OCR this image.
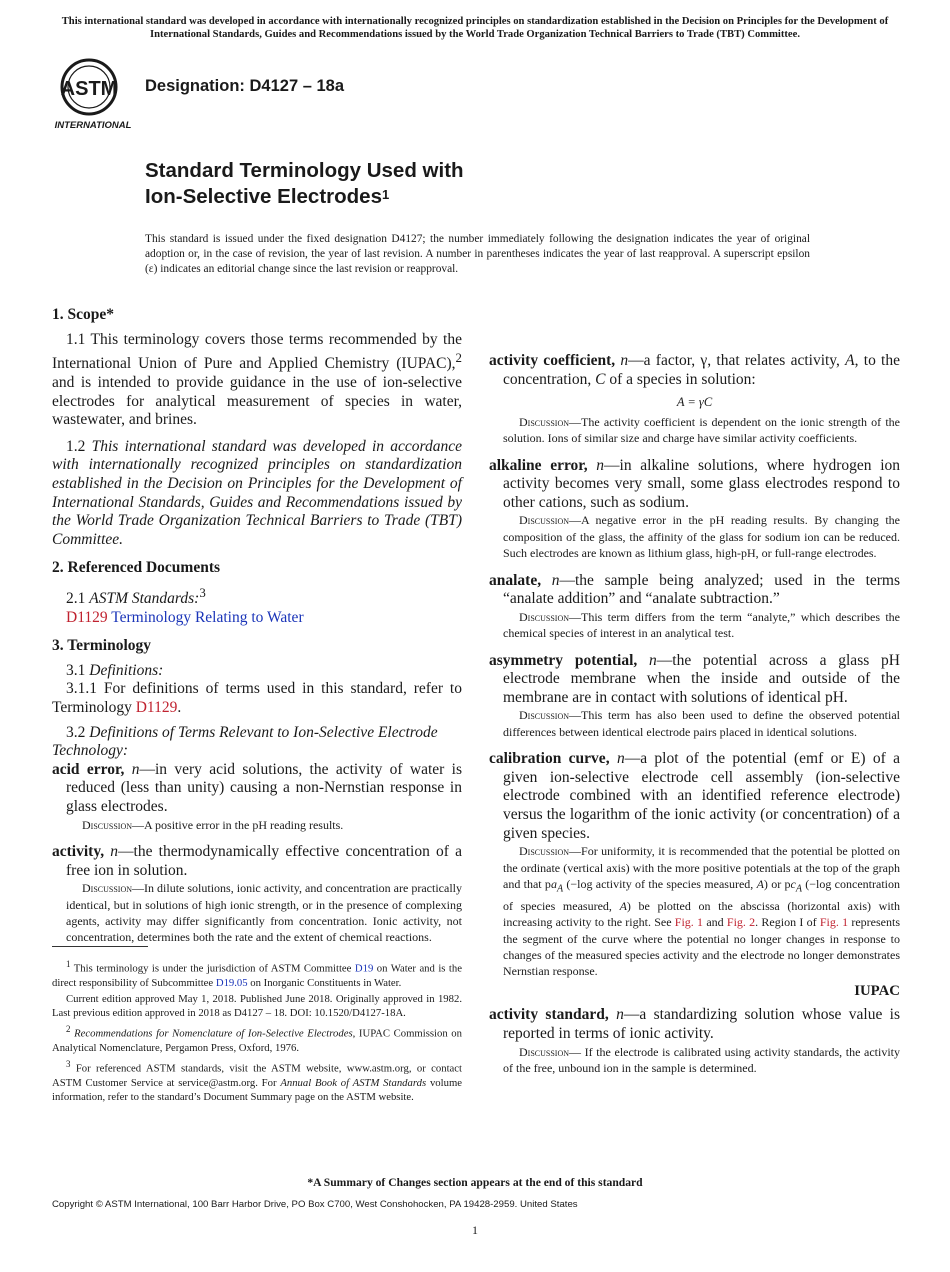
This international standard was developed in accordance with internationally recognized principles on standardization established in the Decision on Principles for the Development of International Standards, Guides and Recommendations issued by the World Trade Organization Technical Barriers to Trade (TBT) Committee.
ASTM
INTERNATIONAL
Designation: D4127 – 18a
Standard Terminology Used with
Ion-Selective Electrodes$^1$
This standard is issued under the fixed designation D4127; the number immediately following the designation indicates the year of original adoption or, in the case of revision, the year of last revision. A number in parentheses indicates the year of last reapproval. A superscript epsilon (ε) indicates an editorial change since the last revision or reapproval.

1. Scope*

1.1 This terminology covers those terms recommended by the International Union of Pure and Applied Chemistry (IUPAC),$^2$ and is intended to provide guidance in the use of ion-selective electrodes for analytical measurement of species in water, wastewater, and brines.

1.2 This international standard was developed in accordance with internationally recognized principles on standardization established in the Decision on Principles for the Development of International Standards, Guides and Recommendations issued by the World Trade Organization Technical Barriers to Trade (TBT) Committee.

2. Referenced Documents

2.1 ASTM Standards:$^3$

D1129 Terminology Relating to Water

3. Terminology

3.1 Definitions:

3.1.1 For definitions of terms used in this standard, refer to Terminology D1129.

3.2 Definitions of Terms Relevant to Ion-Selective Electrode Technology:

acid error, n—in very acid solutions, the activity of water is reduced (less than unity) causing a non-Nernstian response in glass electrodes.

Discussion—A positive error in the pH reading results.

activity, n—the thermodynamically effective concentration of a free ion in solution.

Discussion—In dilute solutions, ionic activity, and concentration are practically identical, but in solutions of high ionic strength, or in the presence of complexing agents, activity may differ significantly from concentration. Ionic activity, not concentration, determines both the rate and the extent of chemical reactions.

$^1$ This terminology is under the jurisdiction of ASTM Committee D19 on Water and is the direct responsibility of Subcommittee D19.05 on Inorganic Constituents in Water.

Current edition approved May 1, 2018. Published June 2018. Originally approved in 1982. Last previous edition approved in 2018 as D4127 – 18. DOI: 10.1520/D4127-18A.

$^2$ Recommendations for Nomenclature of Ion-Selective Electrodes, IUPAC Commission on Analytical Nomenclature, Pergamon Press, Oxford, 1976.

$^3$ For referenced ASTM standards, visit the ASTM website, www.astm.org, or contact ASTM Customer Service at service@astm.org. For Annual Book of ASTM Standards volume information, refer to the standard’s Document Summary page on the ASTM website.

activity coefficient, n—a factor, γ, that relates activity, A, to the concentration, C of a species in solution:

A = γC

Discussion—The activity coefficient is dependent on the ionic strength of the solution. Ions of similar size and charge have similar activity coefficients.

alkaline error, n—in alkaline solutions, where hydrogen ion activity becomes very small, some glass electrodes respond to other cations, such as sodium.

Discussion—A negative error in the pH reading results. By changing the composition of the glass, the affinity of the glass for sodium ion can be reduced. Such electrodes are known as lithium glass, high-pH, or full-range electrodes.

analate, n—the sample being analyzed; used in the terms “analate addition” and “analate subtraction.”

Discussion—This term differs from the term “analyte,” which describes the chemical species of interest in an analytical test.

asymmetry potential, n—the potential across a glass pH electrode membrane when the inside and outside of the membrane are in contact with solutions of identical pH.

Discussion—This term has also been used to define the observed potential differences between identical electrode pairs placed in identical solutions.

calibration curve, n—a plot of the potential (emf or E) of a given ion-selective electrode cell assembly (ion-selective electrode combined with an identified reference electrode) versus the logarithm of the ionic activity (or concentration) of a given species.

Discussion—For uniformity, it is recommended that the potential be plotted on the ordinate (vertical axis) with the more positive potentials at the top of the graph and that $pa_A$ (−log activity of the species measured, A) or $pc_A$ (−log concentration of species measured, A) be plotted on the abscissa (horizontal axis) with increasing activity to the right. See Fig. 1 and Fig. 2. Region I of Fig. 1 represents the segment of the curve where the potential no longer changes in response to changes of the measured species activity and the electrode no longer demonstrates Nernstian response.

IUPAC

activity standard, n—a standardizing solution whose value is reported in terms of ionic activity.

Discussion— If the electrode is calibrated using activity standards, the activity of the free, unbound ion in the sample is determined.

*A Summary of Changes section appears at the end of this standard
Copyright © ASTM International, 100 Barr Harbor Drive, PO Box C700, West Conshohocken, PA 19428-2959. United States
1
